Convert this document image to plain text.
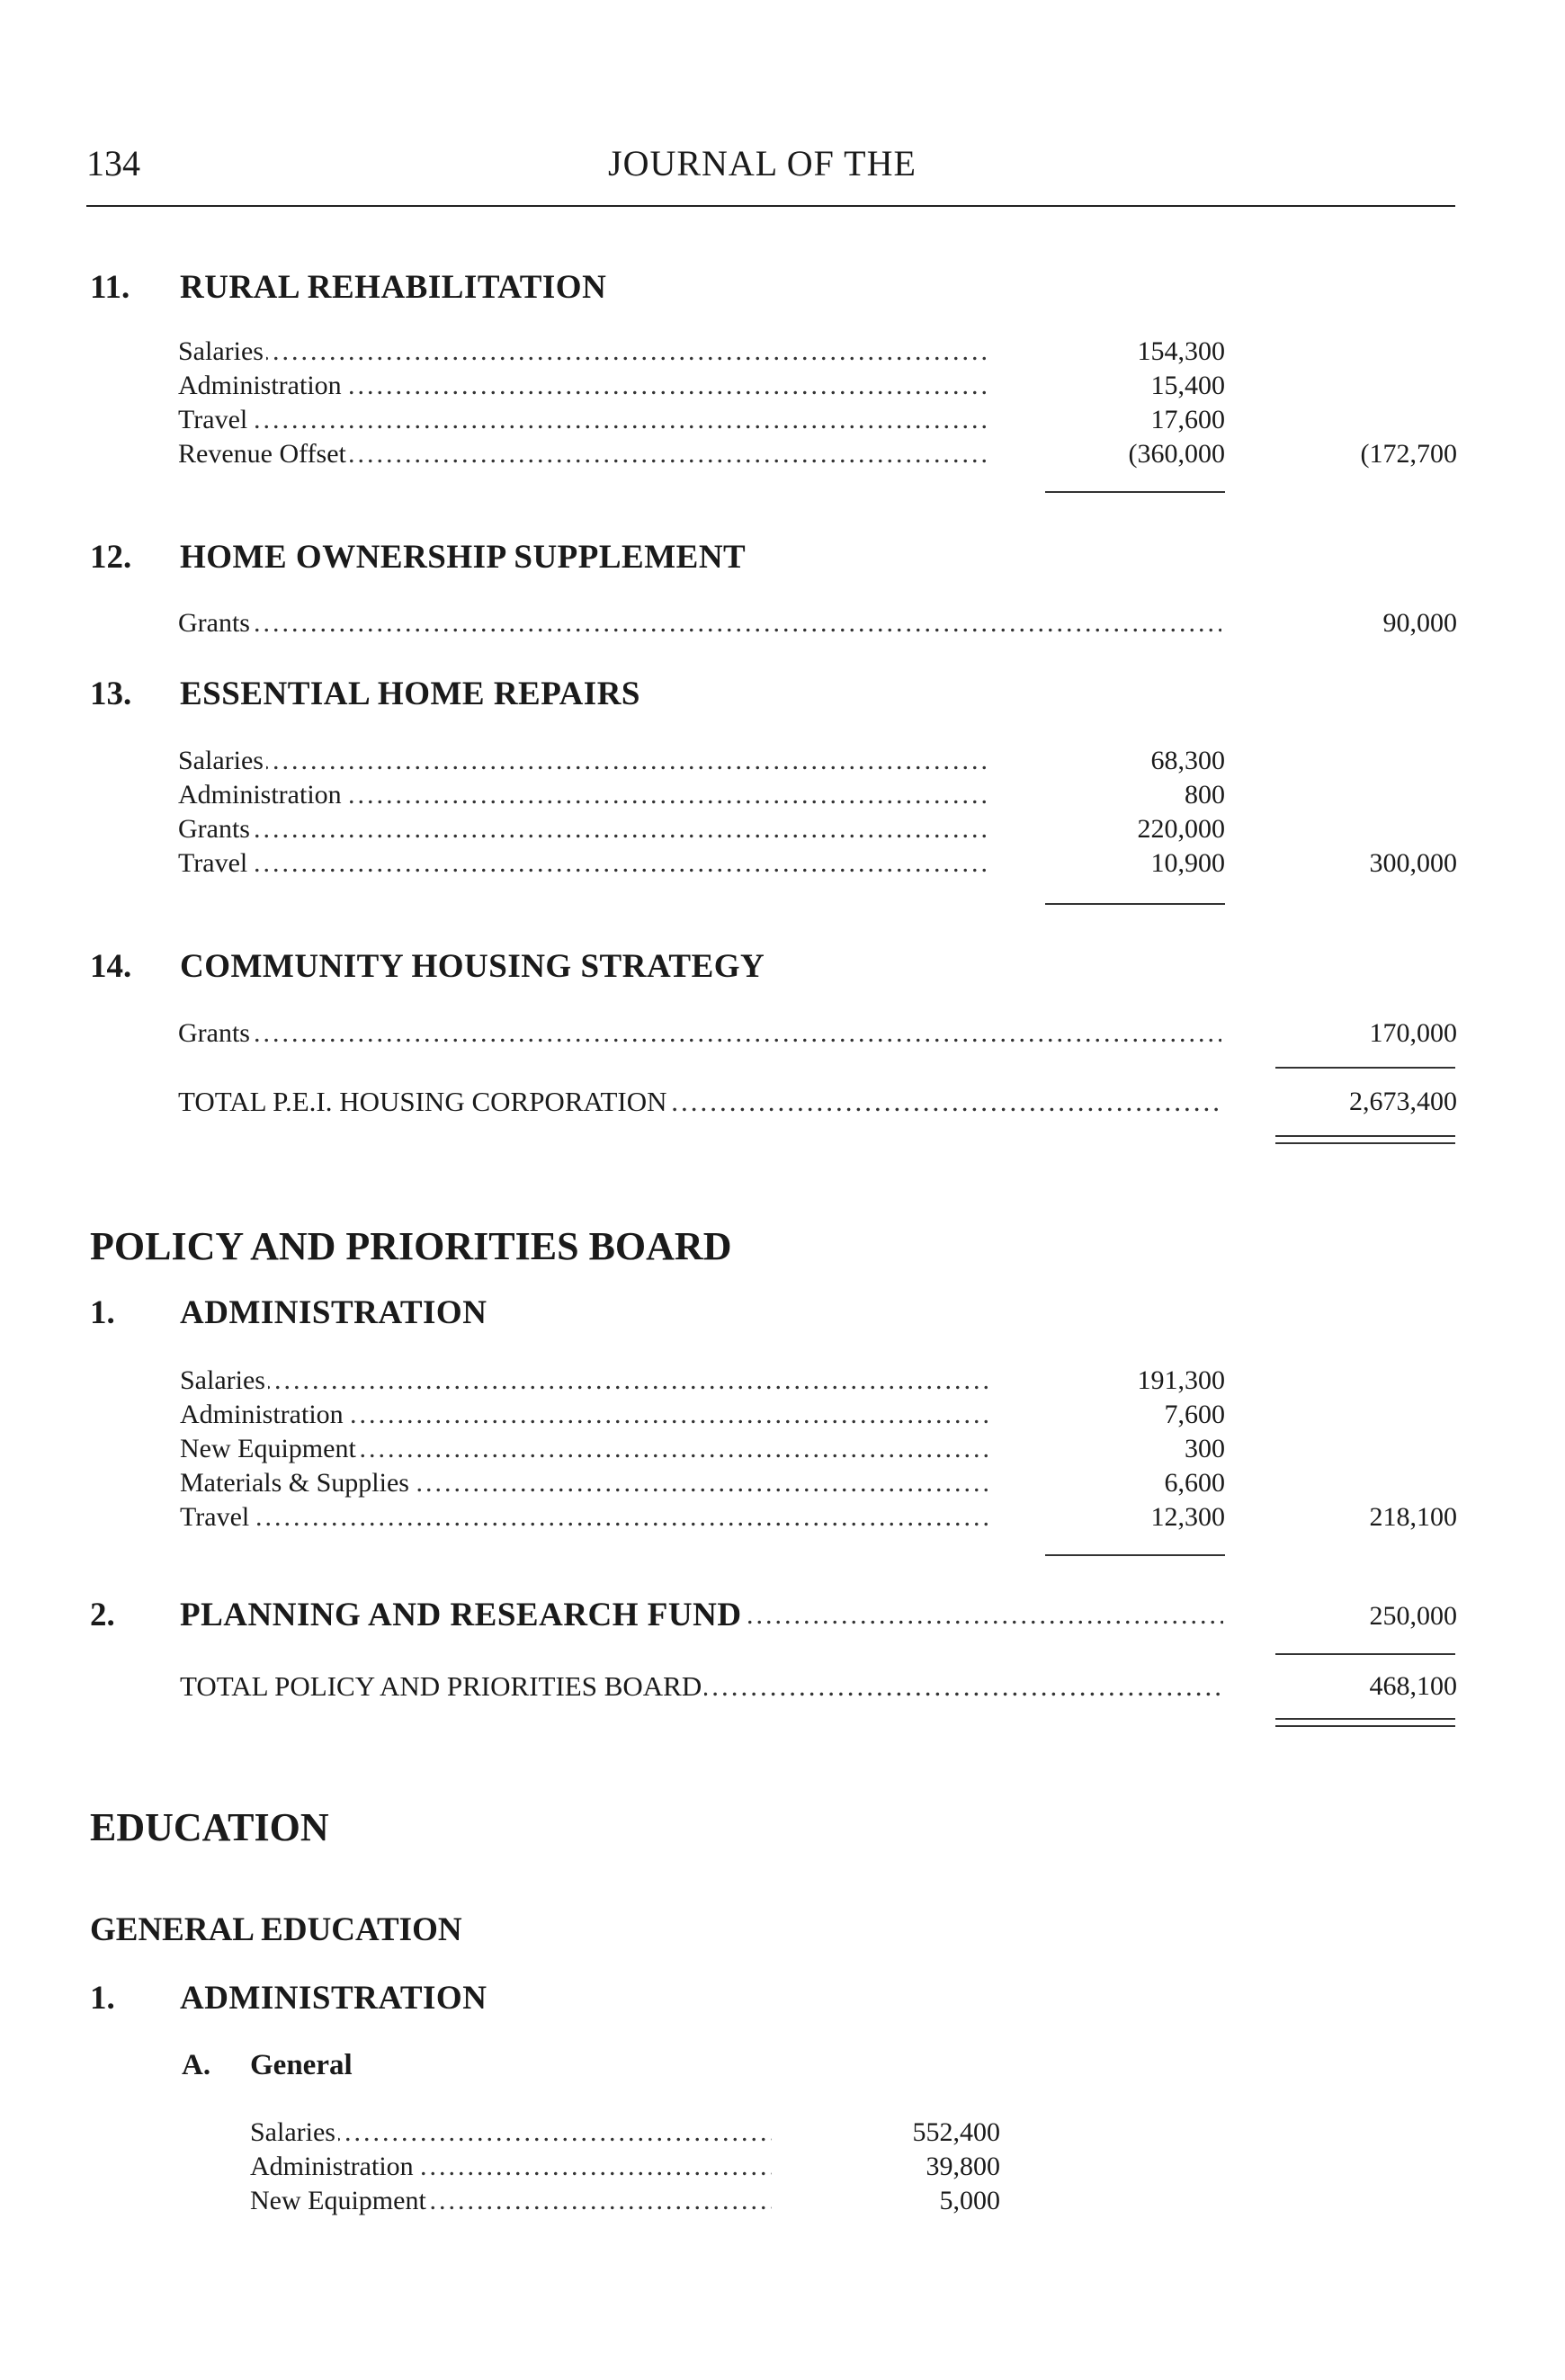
134	JOURNAL OF THE
11. RURAL REHABILITATION
.....
Salaries	154,300
.....
Administration	15,400
.....
Travel	17,600
.....
Revenue Offset	(360,000	(172,700
12. HOME OWNERSHIP SUPPLEMENT
.....
Grants	90,000
13. ESSENTIAL HOME REPAIRS
.....
Salaries	68,300
.....
Administration	800
.....
Grants	220,000
.....
Travel	10,900	300,000
14. COMMUNITY HOUSING STRATEGY
.....
Grants	170,000
.....
TOTAL P.E.I. HOUSING CORPORATION	2,673,400
POLICY AND PRIORITIES BOARD
1. ADMINISTRATION
.....
Salaries	191,300
.....
Administration	7,600
.....
New Equipment	300
.....
Materials & Supplies	6,600
.....
Travel	12,300	218,100
2.
..... PLANNING AND RESEARCH FUND	250,000
.....
TOTAL POLICY AND PRIORITIES BOARD	468,100
EDUCATION
GENERAL EDUCATION
1. ADMINISTRATION
A. General
.....
Salaries	552,400
.....
Administration	39,800
.....
New Equipment	5,000
